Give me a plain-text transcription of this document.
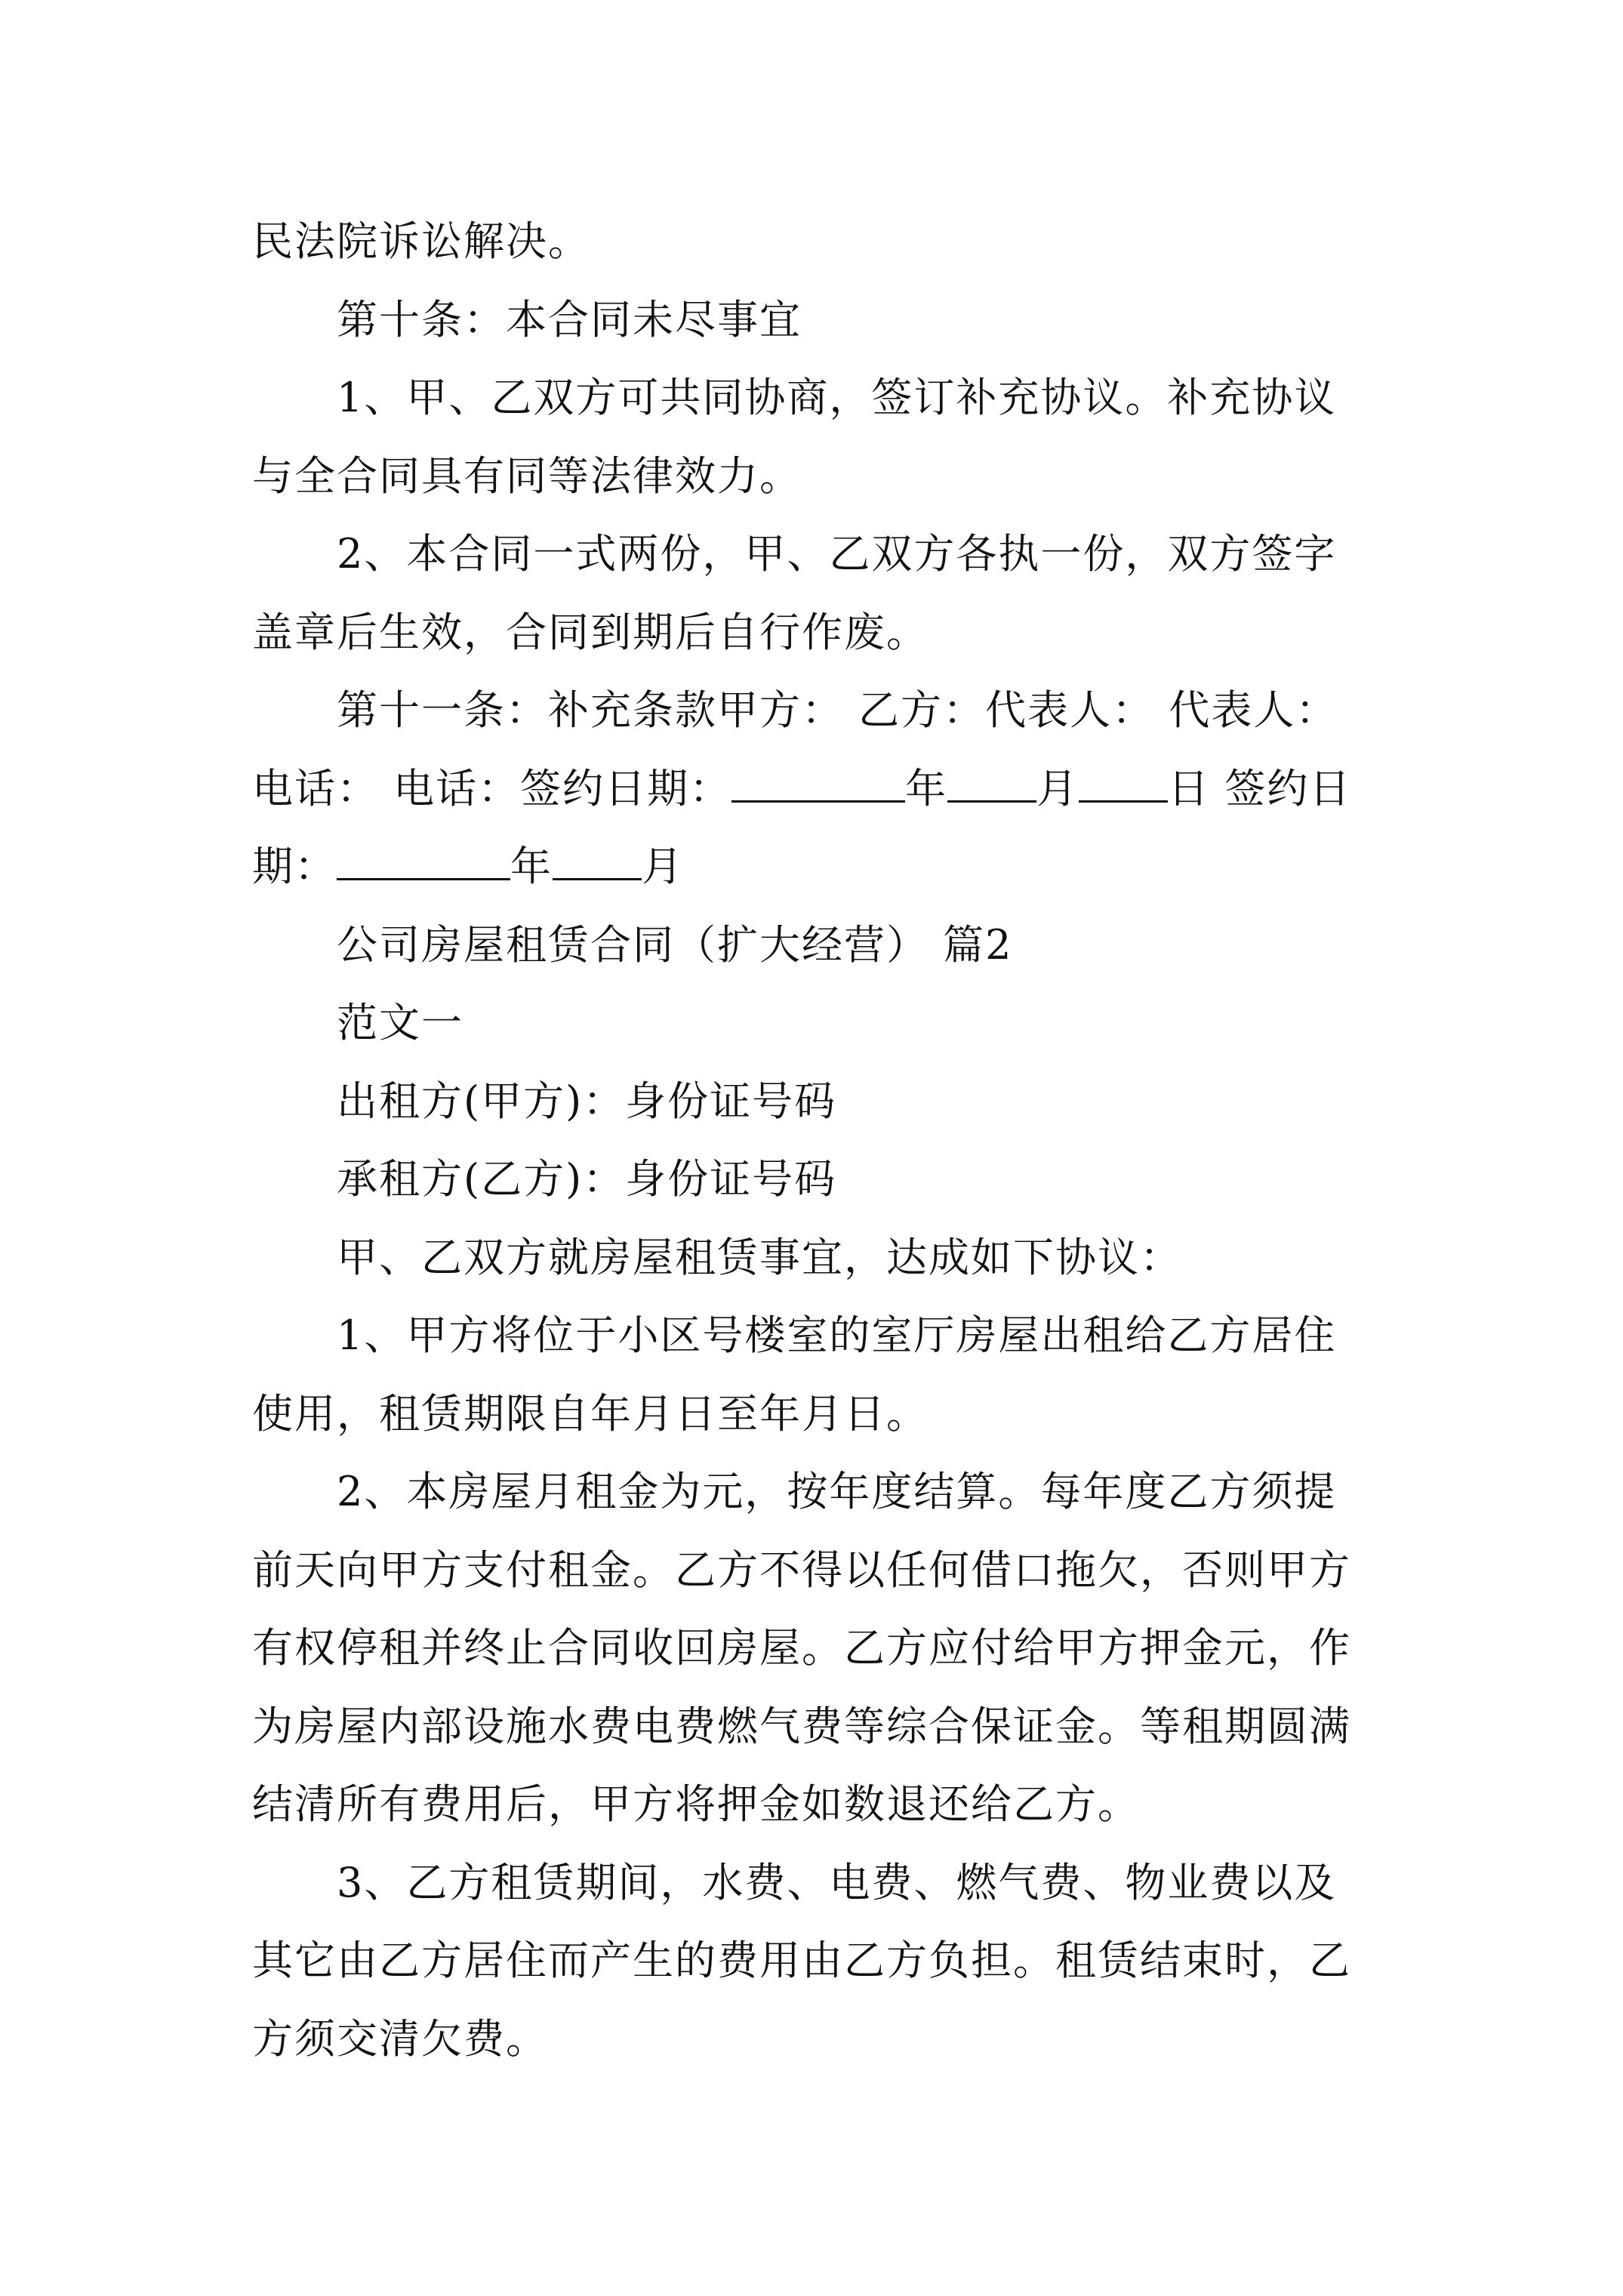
民法院诉讼解决。
第十条：本合同未尽事宜
1、甲、乙双方可共同协商，签订补充协议。补充协议
与全合同具有同等法律效力。
2、本合同一式两份，甲、乙双方各执一份，双方签字
盖章后生效，合同到期后自行作废。
第十一条：补充条款甲方： 乙方：代表人： 代表人：
电话： 电话：签约日期：	年 月 日 签约日
期：	年 月
公司房屋租赁合同（扩大经营） 篇2
范文一
出租方(甲方)：身份证号码
承租方(乙方)：身份证号码
甲、乙双方就房屋租赁事宜，达成如下协议：
1、甲方将位于小区号楼室的室厅房屋出租给乙方居住
使用，租赁期限自年月日至年月日。
2、本房屋月租金为元，按年度结算。每年度乙方须提
前天向甲方支付租金。乙方不得以任何借口拖欠，否则甲方
有权停租并终止合同收回房屋。乙方应付给甲方押金元，作
为房屋内部设施水费电费燃气费等综合保证金。等租期圆满
结清所有费用后，甲方将押金如数退还给乙方。
3、乙方租赁期间，水费、电费、燃气费、物业费以及
其它由乙方居住而产生的费用由乙方负担。租赁结束时，乙
方须交清欠费。
